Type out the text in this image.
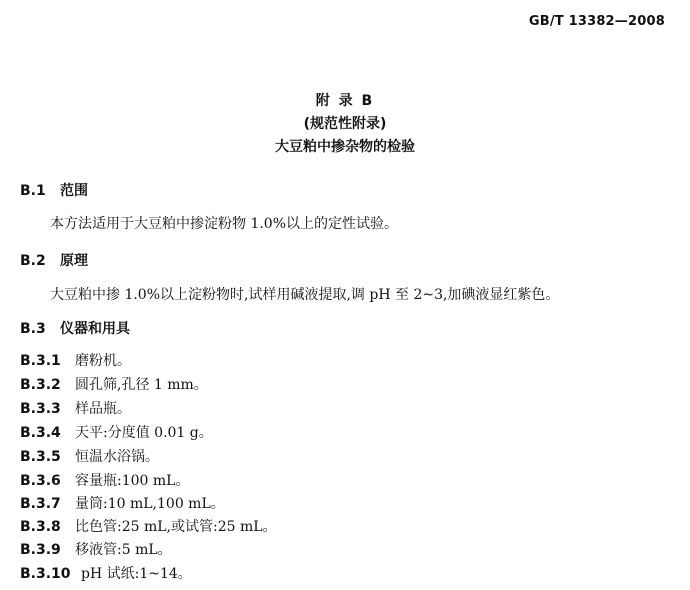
GB/T 13382—2008
附 录 B
(规范性附录)
大豆粕中掺杂物的检验
B.1 范围
本方法适用于大豆粕中掺淀粉物 1.0%以上的定性试验。
B.2 原理
大豆粕中掺 1.0%以上淀粉物时,试样用碱液提取,调 pH 至 2~3,加碘液显红紫色。
B.3 仪器和用具
B.3.1 磨粉机。
B.3.2 圆孔筛,孔径 1 mm。
B.3.3 样品瓶。
B.3.4 天平:分度值 0.01 g。
B.3.5 恒温水浴锅。
B.3.6 容量瓶:100 mL。
B.3.7 量筒:10 mL,100 mL。
B.3.8 比色管:25 mL,或试管:25 mL。
B.3.9 移液管:5 mL。
B.3.10 pH 试纸:1~14。
